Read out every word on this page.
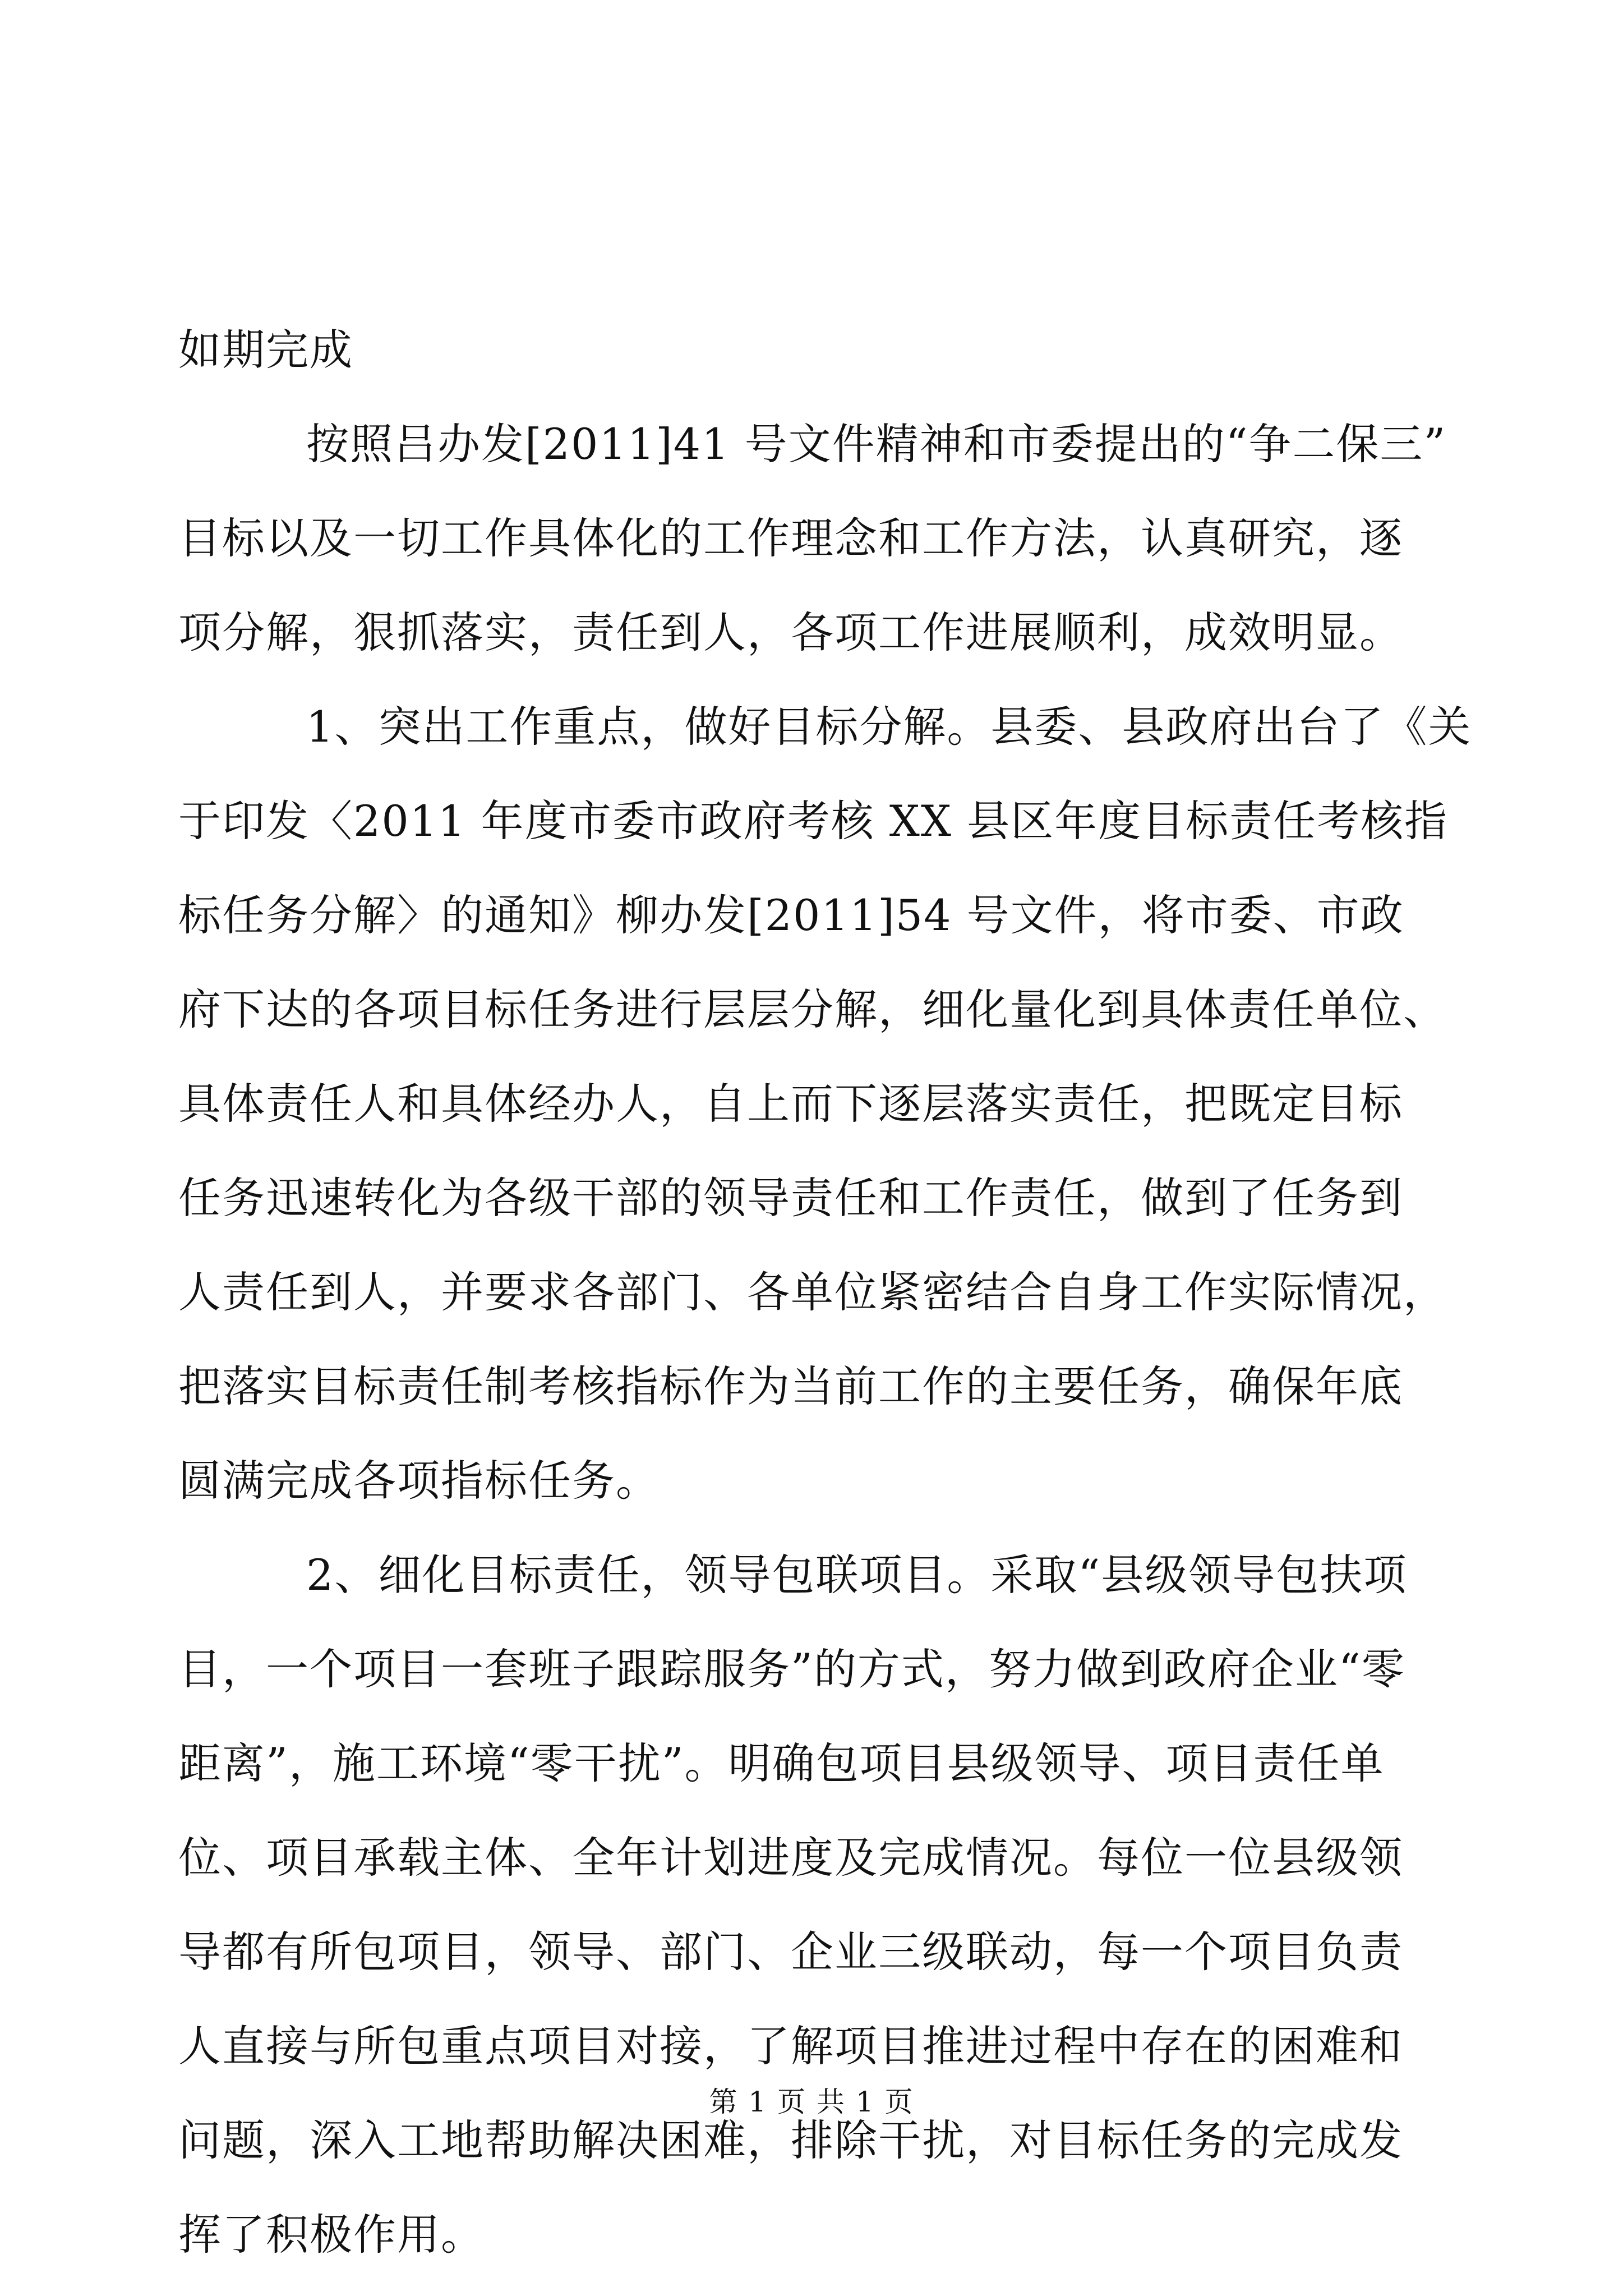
如期完成
按照吕办发[2011]41 号文件精神和市委提出的“争二保三”
目标以及一切工作具体化的工作理念和工作方法，认真研究，逐
项分解，狠抓落实，责任到人，各项工作进展顺利，成效明显。
1、突出工作重点，做好目标分解。县委、县政府出台了《关
于印发〈2011 年度市委市政府考核 XX 县区年度目标责任考核指
标任务分解〉的通知》柳办发[2011]54 号文件，将市委、市政
府下达的各项目标任务进行层层分解，细化量化到具体责任单位、
具体责任人和具体经办人，自上而下逐层落实责任，把既定目标
任务迅速转化为各级干部的领导责任和工作责任，做到了任务到
人责任到人，并要求各部门、各单位紧密结合自身工作实际情况，
把落实目标责任制考核指标作为当前工作的主要任务，确保年底
圆满完成各项指标任务。
2、细化目标责任，领导包联项目。采取“县级领导包扶项
目，一个项目一套班子跟踪服务”的方式，努力做到政府企业“零
距离”，施工环境“零干扰”。明确包项目县级领导、项目责任单
位、项目承载主体、全年计划进度及完成情况。每位一位县级领
导都有所包项目，领导、部门、企业三级联动，每一个项目负责
人直接与所包重点项目对接，了解项目推进过程中存在的困难和
问题，深入工地帮助解决困难，排除干扰，对目标任务的完成发
挥了积极作用。
第 1 页 共 1 页
